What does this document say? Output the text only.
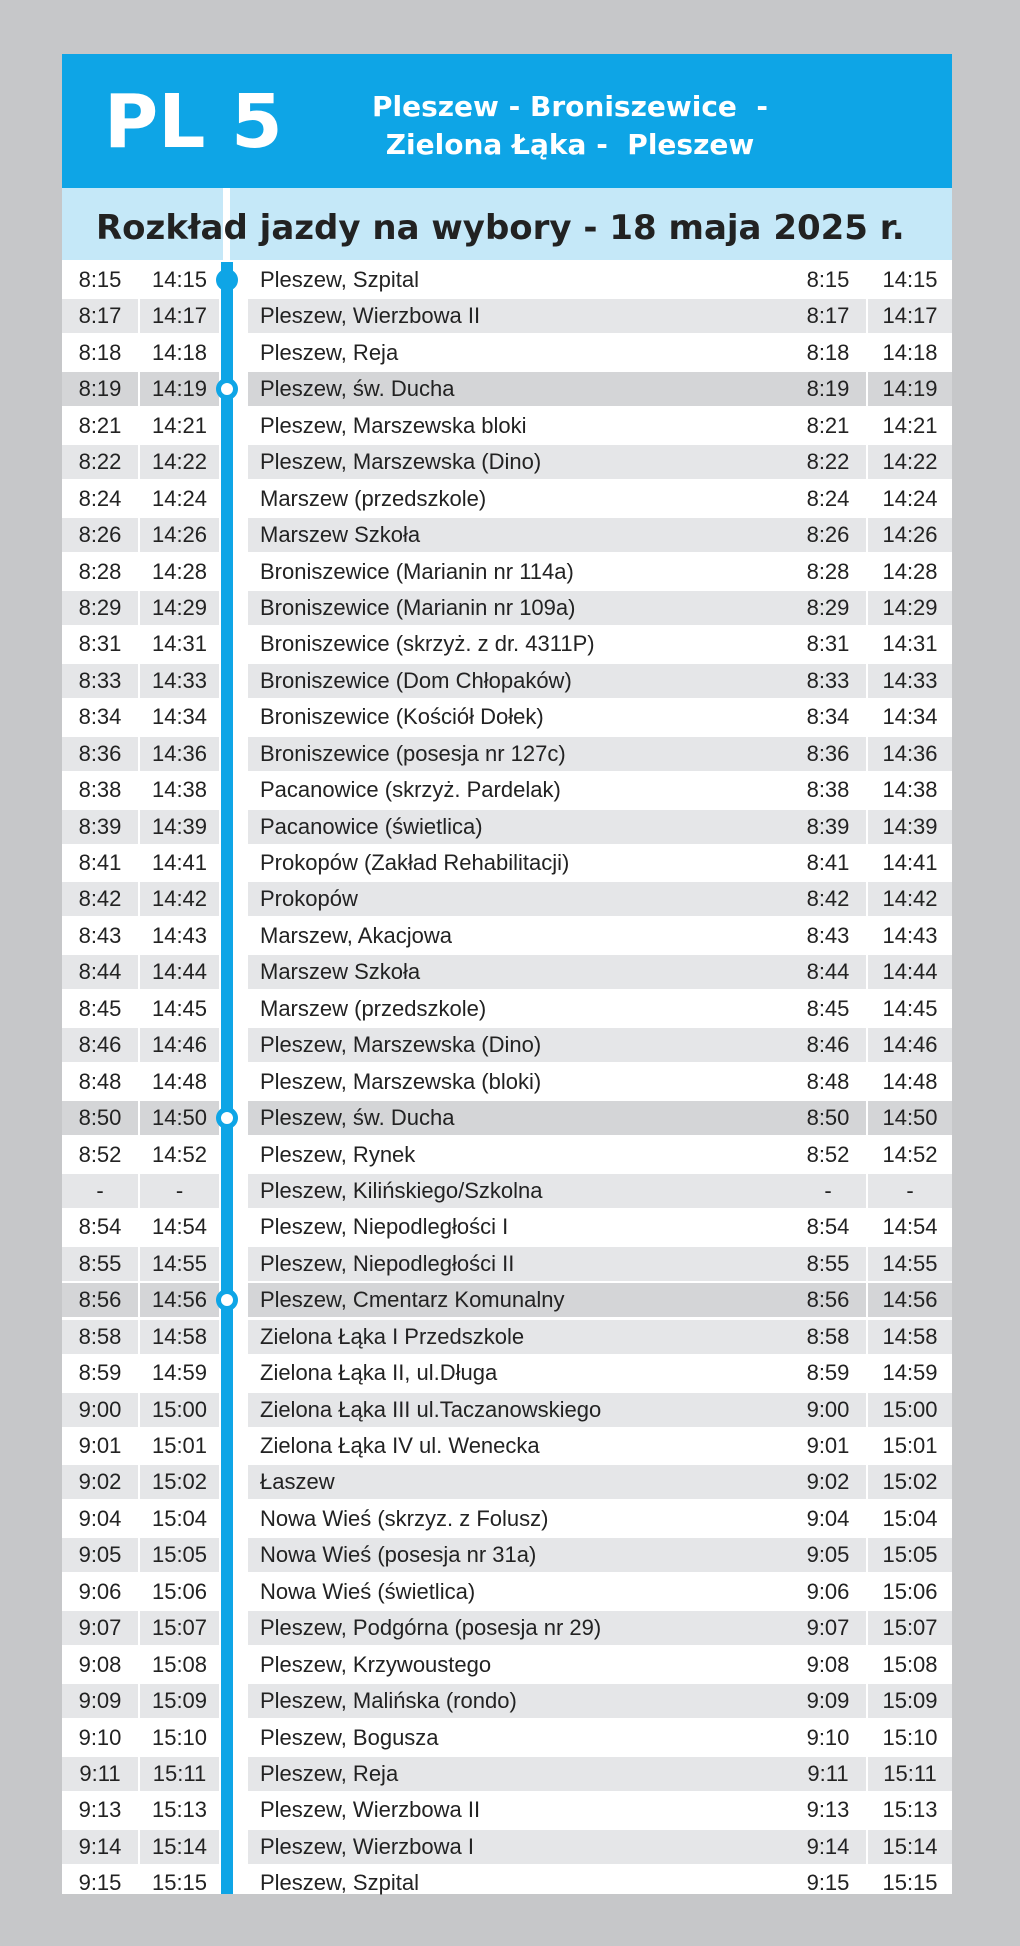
PL 5	Pleszew - Broniszewice  -
Zielona Łąka -  Pleszew
Rozkład jazdy na wybory - 18 maja 2025 r.
8:15	14:15	Pleszew, Szpital	8:15	14:15
8:17	14:17	Pleszew, Wierzbowa II	8:17	14:17
8:18	14:18	Pleszew, Reja	8:18	14:18
8:19	14:19	Pleszew, św. Ducha	8:19	14:19
8:21	14:21	Pleszew, Marszewska bloki	8:21	14:21
8:22	14:22	Pleszew, Marszewska (Dino)	8:22	14:22
8:24	14:24	Marszew (przedszkole)	8:24	14:24
8:26	14:26	Marszew Szkoła	8:26	14:26
8:28	14:28	Broniszewice (Marianin nr 114a)	8:28	14:28
8:29	14:29	Broniszewice (Marianin nr 109a)	8:29	14:29
8:31	14:31	Broniszewice (skrzyż. z dr. 4311P)	8:31	14:31
8:33	14:33	Broniszewice (Dom Chłopaków)	8:33	14:33
8:34	14:34	Broniszewice (Kościół Dołek)	8:34	14:34
8:36	14:36	Broniszewice (posesja nr 127c)	8:36	14:36
8:38	14:38	Pacanowice (skrzyż. Pardelak)	8:38	14:38
8:39	14:39	Pacanowice (świetlica)	8:39	14:39
8:41	14:41	Prokopów (Zakład Rehabilitacji)	8:41	14:41
8:42	14:42	Prokopów	8:42	14:42
8:43	14:43	Marszew, Akacjowa	8:43	14:43
8:44	14:44	Marszew Szkoła	8:44	14:44
8:45	14:45	Marszew (przedszkole)	8:45	14:45
8:46	14:46	Pleszew, Marszewska (Dino)	8:46	14:46
8:48	14:48	Pleszew, Marszewska (bloki)	8:48	14:48
8:50	14:50	Pleszew, św. Ducha	8:50	14:50
8:52	14:52	Pleszew, Rynek	8:52	14:52
-	-	Pleszew, Kilińskiego/Szkolna	-	-
8:54	14:54	Pleszew, Niepodległości I	8:54	14:54
8:55	14:55	Pleszew, Niepodległości II	8:55	14:55
8:56	14:56	Pleszew, Cmentarz Komunalny	8:56	14:56
8:58	14:58	Zielona Łąka I Przedszkole	8:58	14:58
8:59	14:59	Zielona Łąka II, ul.Długa	8:59	14:59
9:00	15:00	Zielona Łąka III ul.Taczanowskiego	9:00	15:00
9:01	15:01	Zielona Łąka IV ul. Wenecka	9:01	15:01
9:02	15:02	Łaszew	9:02	15:02
9:04	15:04	Nowa Wieś (skrzyz. z Folusz)	9:04	15:04
9:05	15:05	Nowa Wieś (posesja nr 31a)	9:05	15:05
9:06	15:06	Nowa Wieś (świetlica)	9:06	15:06
9:07	15:07	Pleszew, Podgórna (posesja nr 29)	9:07	15:07
9:08	15:08	Pleszew, Krzywoustego	9:08	15:08
9:09	15:09	Pleszew, Malińska (rondo)	9:09	15:09
9:10	15:10	Pleszew, Bogusza	9:10	15:10
9:11	15:11	Pleszew, Reja	9:11	15:11
9:13	15:13	Pleszew, Wierzbowa II	9:13	15:13
9:14	15:14	Pleszew, Wierzbowa I	9:14	15:14
9:15	15:15	Pleszew, Szpital	9:15	15:15
